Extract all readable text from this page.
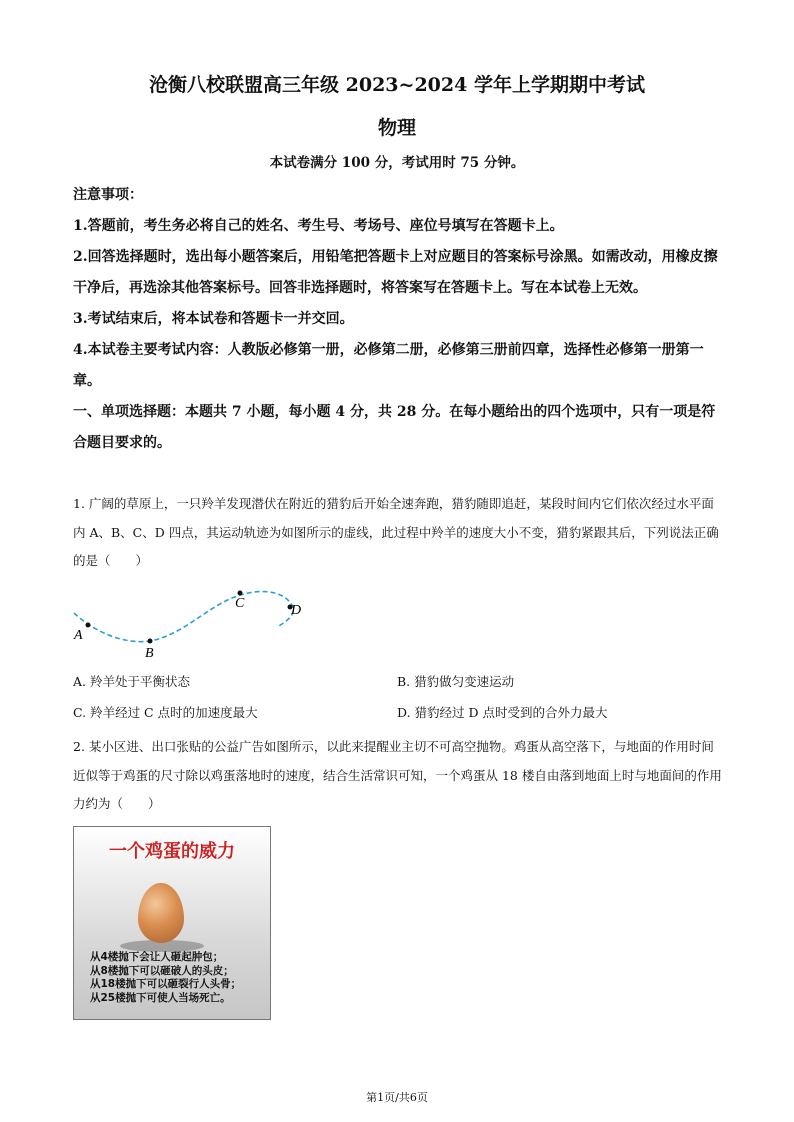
沧衡八校联盟高三年级 2023~2024 学年上学期期中考试
物理
本试卷满分 100 分，考试用时 75 分钟。

注意事项：

1.答题前，考生务必将自己的姓名、考生号、考场号、座位号填写在答题卡上。

2.回答选择题时，选出每小题答案后，用铅笔把答题卡上对应题目的答案标号涂黑。如需改动，用橡皮擦干净后，再选涂其他答案标号。回答非选择题时，将答案写在答题卡上。写在本试卷上无效。

3.考试结束后，将本试卷和答题卡一并交回。

4.本试卷主要考试内容：人教版必修第一册，必修第二册，必修第三册前四章，选择性必修第一册第一章。

一、单项选择题：本题共 7 小题，每小题 4 分，共 28 分。在每小题给出的四个选项中，只有一项是符合题目要求的。

1. 广阔的草原上，一只羚羊发现潜伏在附近的猎豹后开始全速奔跑，猎豹随即追赶，某段时间内它们依次经过水平面内 A、B、C、D 四点，其运动轨迹为如图所示的虚线，此过程中羚羊的速度大小不变，猎豹紧跟其后，下列说法正确的是（　　）
A
B
C	D
A. 羚羊处于平衡状态	B. 猎豹做匀变速运动
C. 羚羊经过 C 点时的加速度最大	D. 猎豹经过 D 点时受到的合外力最大
2. 某小区进、出口张贴的公益广告如图所示，以此来提醒业主切不可高空抛物。鸡蛋从高空落下，与地面的作用时间近似等于鸡蛋的尺寸除以鸡蛋落地时的速度，结合生活常识可知，一个鸡蛋从 18 楼自由落到地面上时与地面间的作用力约为（　　）
一个鸡蛋的威力
从4楼抛下会让人砸起肿包；
从8楼抛下可以砸破人的头皮；
从18楼抛下可以砸裂行人头骨；
从25楼抛下可使人当场死亡。
第1页/共6页
